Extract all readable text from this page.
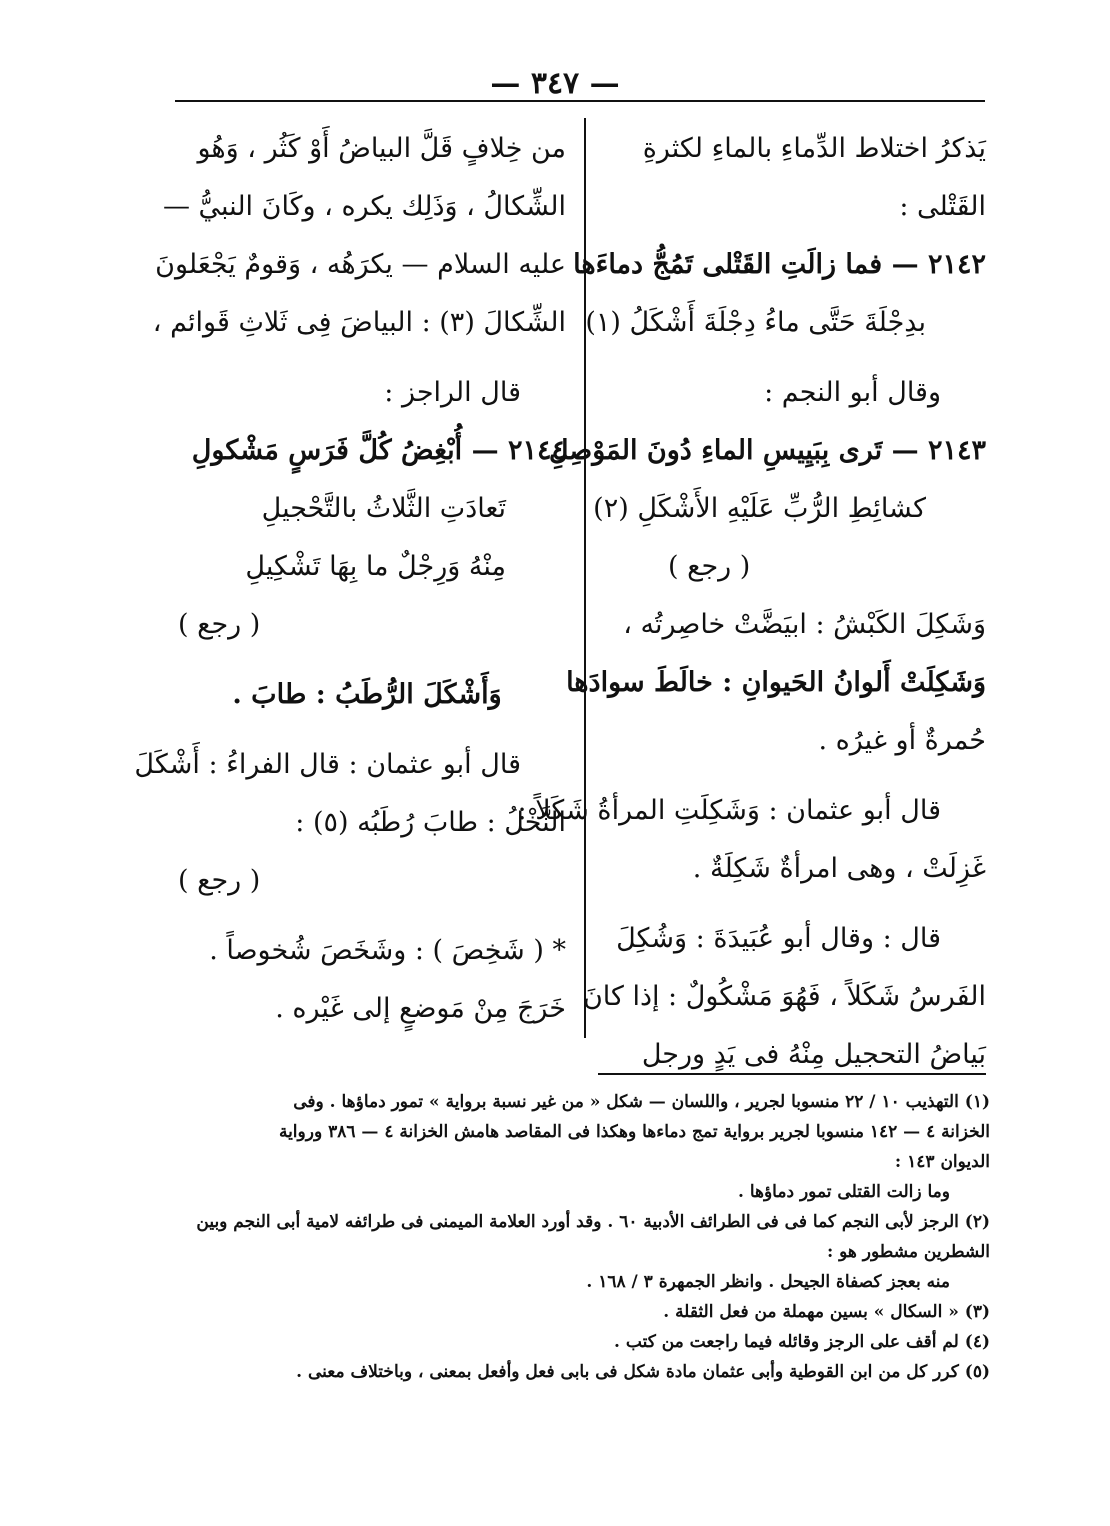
— ٣٤٧ —
يَذكرُ اختلاط الدِّماءِ بالماءِ لكثرةِ
القَتْلى :
٢١٤٢ — فما زالَتِ القَتْلى تَمُجُّ دماءَها
بدِجْلَةَ حَتَّى ماءُ دِجْلَةَ أَشْكَلُ (١)
وقال أبو النجم :
٢١٤٣ — تَرى بِبَيِيسِ الماءِ دُونَ المَوْصِلِ
كشائِطِ الرُّبِّ عَلَيْهِ الأَشْكَلِ (٢)
( رجع )
وَشَكِلَ الكَبْشُ : ابيَضَّتْ خاصِرتُه ،
وَشَكِلَتْ أَلوانُ الحَيوانِ : خالَطَ سوادَها
حُمرةٌ أو غيرُه .
قال أبو عثمان : وَشَكِلَتِ المرأةُ شَكَلاً :
غَزِلَتْ ، وهى امرأةٌ شَكِلَةٌ .
قال : وقال أبو عُبَيدَةَ : وَشُكِلَ
الفَرسُ شَكَلاً ، فَهُوَ مَشْكُولٌ : إذا كانَ
بَياضُ التحجيل مِنْهُ فى يَدٍ ورجل
من خِلافٍ قَلَّ البياضُ أَوْ كَثُر ، وَهُو
الشِّكالُ ، وَذَلِك يكره ، وكَانَ النبيُّ —
عليه السلام — يكرَهُه ، وَقومٌ يَجْعَلونَ
الشِّكالَ (٣) : البياضَ فِى ثَلاثِ قَوائم ،
قال الراجز :
٢١٤٤ — أُبْغِضُ كُلَّ فَرَسٍ مَشْكولِ
تَعادَتِ الثَّلاثُ بالتَّحْجيلِ
مِنْهُ وَرِجْلٌ ما بِهَا تَشْكِيلِ
( رجع )
وَأَشْكَلَ الرُّطَبُ : طابَ .
قال أبو عثمان : قال الفراءُ : أَشْكَلَ
النَّخْلُ : طابَ رُطَبُه (٥) :
( رجع )
* ( شَخِصَ ) : وشَخَصَ شُخوصاً .
خَرَجَ مِنْ مَوضعٍ إلى غَيْره .
(١) التهذيب ١٠ / ٢٢ منسوبا لجرير ، واللسان — شكل « من غير نسبة برواية » تمور دماؤها . وفى
الخزانة ٤ — ١٤٢ منسوبا لجرير برواية تمج دماءها وهكذا فى المقاصد هامش الخزانة ٤ — ٣٨٦ ورواية
الديوان ١٤٣ :
وما زالت القتلى تمور دماؤها .
(٢) الرجز لأبى النجم كما فى فى الطرائف الأدبية ٦٠ . وقد أورد العلامة الميمنى فى طرائفه لامية أبى النجم وبين
الشطرين مشطور هو :
منه بعجز كصفاة الجيحل . وانظر الجمهرة ٣ / ١٦٨ .
(٣) « السكال » بسين مهملة من فعل الثقلة .
(٤) لم أقف على الرجز وقائله فيما راجعت من كتب .
(٥) كرر كل من ابن القوطية وأبى عثمان مادة شكل فى بابى فعل وأفعل بمعنى ، وباختلاف معنى .
